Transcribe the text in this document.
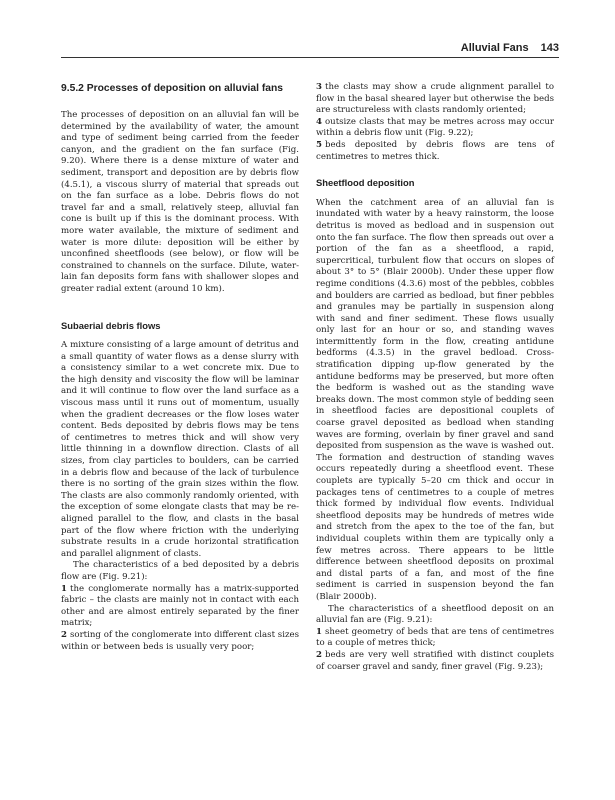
Alluvial Fans 143
9.5.2 Processes of deposition on alluvial fans

The processes of deposition on an alluvial fan will be determined by the availability of water, the amount and type of sediment being carried from the feeder canyon, and the gradient on the fan surface (Fig. 9.20). Where there is a dense mixture of water and sediment, transport and deposition are by debris flow (4.5.1), a viscous slurry of material that spreads out on the fan surface as a lobe. Debris flows do not travel far and a small, relatively steep, alluvial fan cone is built up if this is the dominant process. With more water available, the mixture of sediment and water is more dilute: deposition will be either by unconfined sheetfloods (see below), or flow will be constrained to channels on the surface. Dilute, water-lain fan deposits form fans with shallower slopes and greater radial extent (around 10 km).

Subaerial debris flows

A mixture consisting of a large amount of detritus and a small quantity of water flows as a dense slurry with a consistency similar to a wet concrete mix. Due to the high density and viscosity the flow will be laminar and it will continue to flow over the land surface as a viscous mass until it runs out of momentum, usually when the gradient decreases or the flow loses water content. Beds deposited by debris flows may be tens of centimetres to metres thick and will show very little thinning in a downflow direction. Clasts of all sizes, from clay particles to boulders, can be carried in a debris flow and because of the lack of turbulence there is no sorting of the grain sizes within the flow. The clasts are also commonly randomly oriented, with the exception of some elongate clasts that may be re-aligned parallel to the flow, and clasts in the basal part of the flow where friction with the underlying substrate results in a crude horizontal stratification and parallel alignment of clasts.

The characteristics of a bed deposited by a debris flow are (Fig. 9.21):

1 the conglomerate normally has a matrix-supported fabric – the clasts are mainly not in contact with each other and are almost entirely separated by the finer matrix;
2 sorting of the conglomerate into different clast sizes within or between beds is usually very poor;
3 the clasts may show a crude alignment parallel to flow in the basal sheared layer but otherwise the beds are structureless with clasts randomly oriented;
4 outsize clasts that may be metres across may occur within a debris flow unit (Fig. 9.22);
5 beds deposited by debris flows are tens of centimetres to metres thick.
Sheetflood deposition

When the catchment area of an alluvial fan is inundated with water by a heavy rainstorm, the loose detritus is moved as bedload and in suspension out onto the fan surface. The flow then spreads out over a portion of the fan as a sheetflood, a rapid, supercritical, turbulent flow that occurs on slopes of about 3° to 5° (Blair 2000b). Under these upper flow regime conditions (4.3.6) most of the pebbles, cobbles and boulders are carried as bedload, but finer pebbles and granules may be partially in suspension along with sand and finer sediment. These flows usually only last for an hour or so, and standing waves intermittently form in the flow, creating antidune bedforms (4.3.5) in the gravel bedload. Cross-stratification dipping up-flow generated by the antidune bedforms may be preserved, but more often the bedform is washed out as the standing wave breaks down. The most common style of bedding seen in sheetflood facies are depositional couplets of coarse gravel deposited as bedload when standing waves are forming, overlain by finer gravel and sand deposited from suspension as the wave is washed out. The formation and destruction of standing waves occurs repeatedly during a sheetflood event. These couplets are typically 5–20 cm thick and occur in packages tens of centimetres to a couple of metres thick formed by individual flow events. Individual sheetflood deposits may be hundreds of metres wide and stretch from the apex to the toe of the fan, but individual couplets within them are typically only a few metres across. There appears to be little difference between sheetflood deposits on proximal and distal parts of a fan, and most of the fine sediment is carried in suspension beyond the fan (Blair 2000b).

The characteristics of a sheetflood deposit on an alluvial fan are (Fig. 9.21):

1 sheet geometry of beds that are tens of centimetres to a couple of metres thick;
2 beds are very well stratified with distinct couplets of coarser gravel and sandy, finer gravel (Fig. 9.23);
